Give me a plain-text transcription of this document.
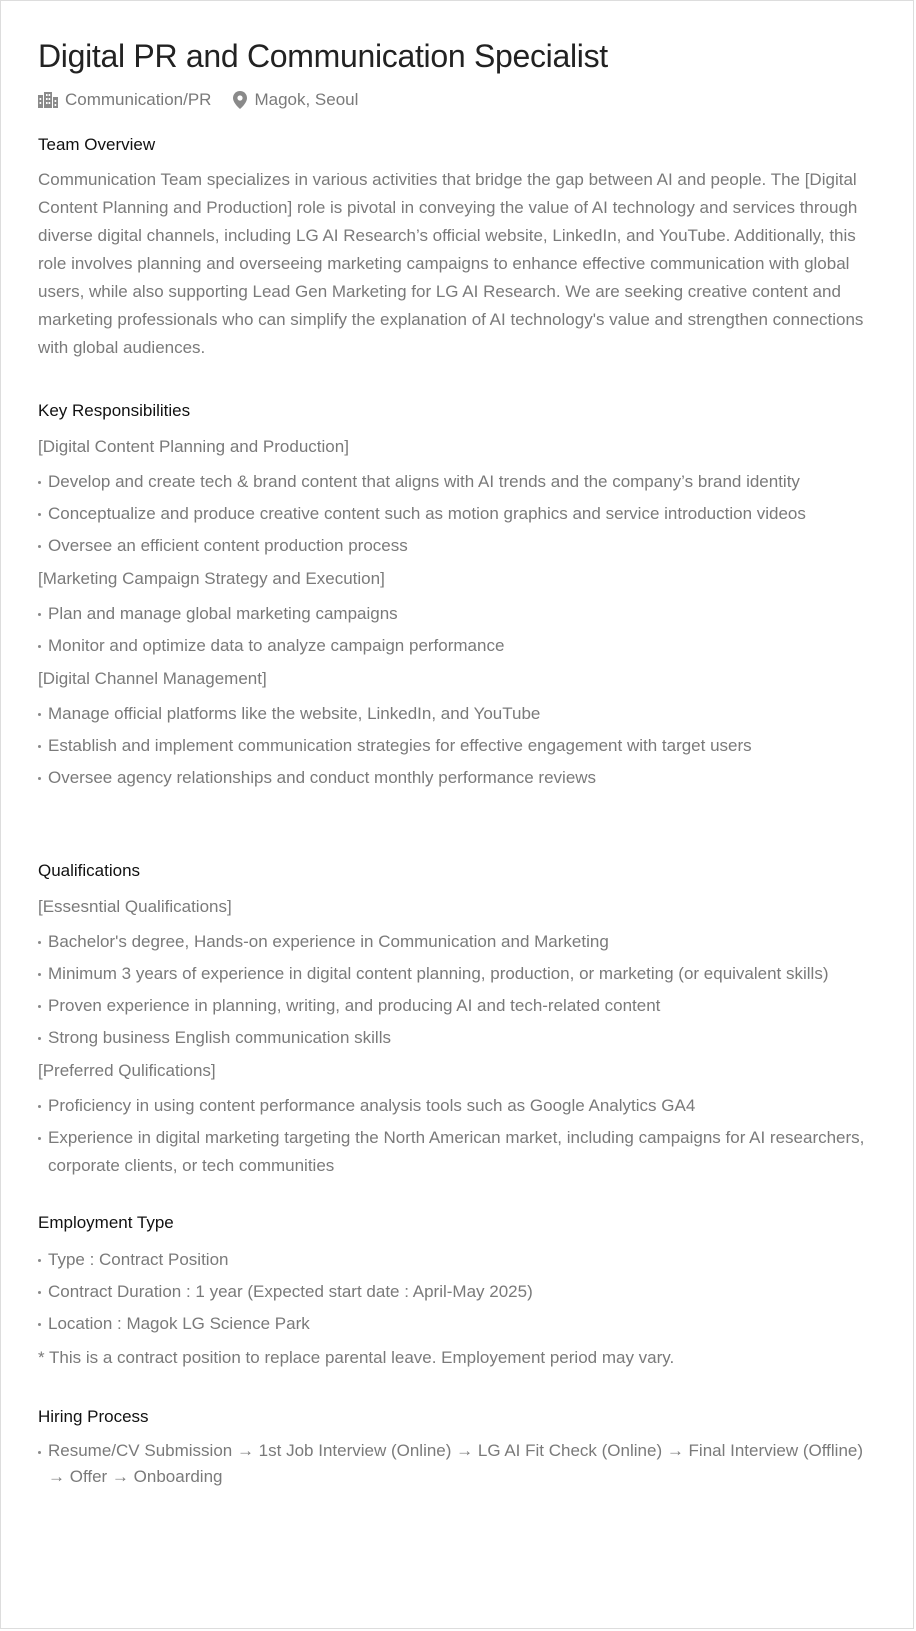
Digital PR and Communication Specialist
Communication/PR	Magok, Seoul
Team Overview

Communication Team specializes in various activities that bridge the gap between AI and people. The [Digital Content Planning and Production] role is pivotal in conveying the value of AI technology and services through diverse digital channels, including LG AI Research’s official website, LinkedIn, and YouTube. Additionally, this role involves planning and overseeing marketing campaigns to enhance effective communication with global users, while also supporting Lead Gen Marketing for LG AI Research. We are seeking creative content and marketing professionals who can simplify the explanation of AI technology's value and strengthen connections with global audiences.

Key Responsibilities

[Digital Content Planning and Production]

Develop and create tech & brand content that aligns with AI trends and the company’s brand identity
Conceptualize and produce creative content such as motion graphics and service introduction videos
Oversee an efficient content production process

[Marketing Campaign Strategy and Execution]

Plan and manage global marketing campaigns
Monitor and optimize data to analyze campaign performance

[Digital Channel Management]

Manage official platforms like the website, LinkedIn, and YouTube
Establish and implement communication strategies for effective engagement with target users
Oversee agency relationships and conduct monthly performance reviews
Qualifications

[Essesntial Qualifications]

Bachelor's degree, Hands-on experience in Communication and Marketing
Minimum 3 years of experience in digital content planning, production, or marketing (or equivalent skills)
Proven experience in planning, writing, and producing AI and tech-related content
Strong business English communication skills

[Preferred Qulifications]

Proficiency in using content performance analysis tools such as Google Analytics GA4
Experience in digital marketing targeting the North American market, including campaigns for AI researchers, corporate clients, or tech communities
Employment Type
Type : Contract Position
Contract Duration : 1 year (Expected start date : April-May 2025)
Location : Magok LG Science Park

* This is a contract position to replace parental leave. Employement period may vary.

Hiring Process
Resume/CV Submission → 1st Job Interview (Online) → LG AI Fit Check (Online) → Final Interview (Offline) → Offer → Onboarding
